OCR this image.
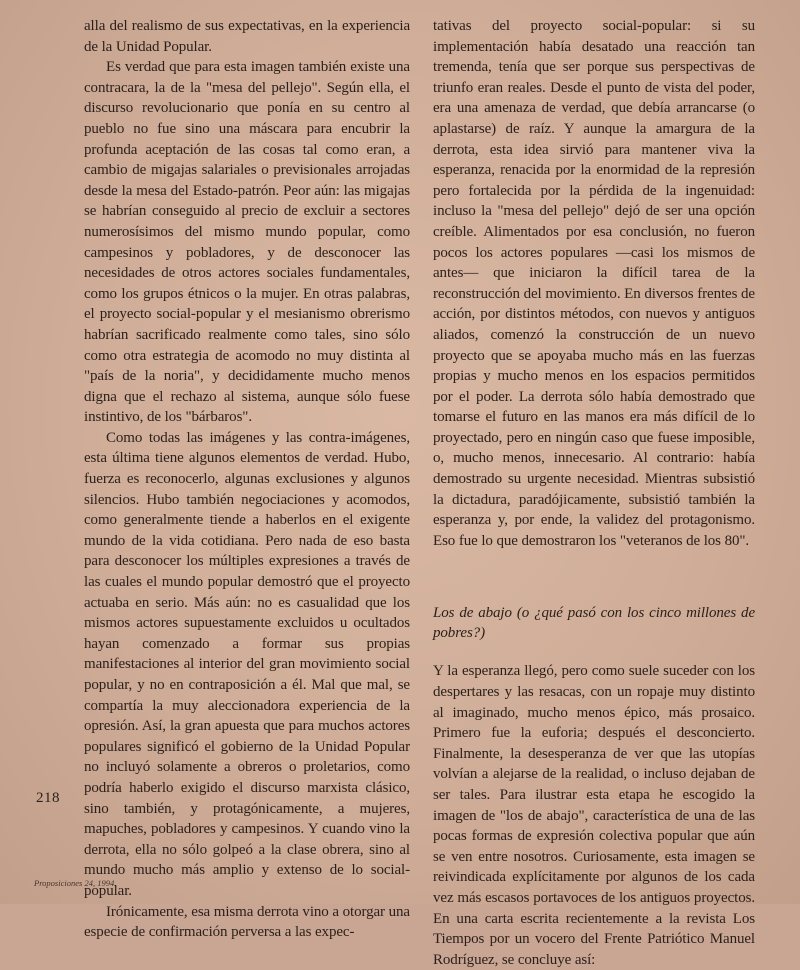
alla del realismo de sus expectativas, en la experiencia de la Unidad Popular.

Es verdad que para esta imagen también existe una contracara, la de la "mesa del pellejo". Según ella, el discurso revolucionario que ponía en su centro al pueblo no fue sino una máscara para encubrir la profunda aceptación de las cosas tal como eran, a cambio de migajas salariales o previsionales arrojadas desde la mesa del Estado-patrón. Peor aún: las migajas se habrían conseguido al precio de excluir a sectores numerosísimos del mismo mundo popular, como campesinos y pobladores, y de desconocer las necesidades de otros actores sociales fundamentales, como los grupos étnicos o la mujer. En otras palabras, el proyecto social-popular y el mesianismo obrerismo habrían sacrificado realmente como tales, sino sólo como otra estrategia de acomodo no muy distinta al "país de la noria", y decididamente mucho menos digna que el rechazo al sistema, aunque sólo fuese instintivo, de los "bárbaros".

Como todas las imágenes y las contra-imágenes, esta última tiene algunos elementos de verdad. Hubo, fuerza es reconocerlo, algunas exclusiones y algunos silencios. Hubo también negociaciones y acomodos, como generalmente tiende a haberlos en el exigente mundo de la vida cotidiana. Pero nada de eso basta para desconocer los múltiples expresiones a través de las cuales el mundo popular demostró que el proyecto actuaba en serio. Más aún: no es casualidad que los mismos actores supuestamente excluidos u ocultados hayan comenzado a formar sus propias manifestaciones al interior del gran movimiento social popular, y no en contraposición a él. Mal que mal, se compartía la muy aleccionadora experiencia de la opresión. Así, la gran apuesta que para muchos actores populares significó el gobierno de la Unidad Popular no incluyó solamente a obreros o proletarios, como podría haberlo exigido el discurso marxista clásico, sino también, y protagónicamente, a mujeres, mapuches, pobladores y campesinos. Y cuando vino la derrota, ella no sólo golpeó a la clase obrera, sino al mundo mucho más amplio y extenso de lo social-popular.

Irónicamente, esa misma derrota vino a otorgar una especie de confirmación perversa a las expec-

tativas del proyecto social-popular: si su implementación había desatado una reacción tan tremenda, tenía que ser porque sus perspectivas de triunfo eran reales. Desde el punto de vista del poder, era una amenaza de verdad, que debía arrancarse (o aplastarse) de raíz. Y aunque la amargura de la derrota, esta idea sirvió para mantener viva la esperanza, renacida por la enormidad de la represión pero fortalecida por la pérdida de la ingenuidad: incluso la "mesa del pellejo" dejó de ser una opción creíble. Alimentados por esa conclusión, no fueron pocos los actores populares —casi los mismos de antes— que iniciaron la difícil tarea de la reconstrucción del movimiento. En diversos frentes de acción, por distintos métodos, con nuevos y antiguos aliados, comenzó la construcción de un nuevo proyecto que se apoyaba mucho más en las fuerzas propias y mucho menos en los espacios permitidos por el poder. La derrota sólo había demostrado que tomarse el futuro en las manos era más difícil de lo proyectado, pero en ningún caso que fuese imposible, o, mucho menos, innecesario. Al contrario: había demostrado su urgente necesidad. Mientras subsistió la dictadura, paradójicamente, subsistió también la esperanza y, por ende, la validez del protagonismo. Eso fue lo que demostraron los "veteranos de los 80".

Los de abajo (o ¿qué pasó con los cinco millones de pobres?)

Y la esperanza llegó, pero como suele suceder con los despertares y las resacas, con un ropaje muy distinto al imaginado, mucho menos épico, más prosaico. Primero fue la euforia; después el desconcierto. Finalmente, la desesperanza de ver que las utopías volvían a alejarse de la realidad, o incluso dejaban de ser tales. Para ilustrar esta etapa he escogido la imagen de "los de abajo", característica de una de las pocas formas de expresión colectiva popular que aún se ven entre nosotros. Curiosamente, esta imagen se reivindicada explícitamente por algunos de los cada vez más escasos portavoces de los antiguos proyectos. En una carta escrita recientemente a la revista Los Tiempos por un vocero del Frente Patriótico Manuel Rodríguez, se concluye así:

218
Proposiciones 24, 1994
